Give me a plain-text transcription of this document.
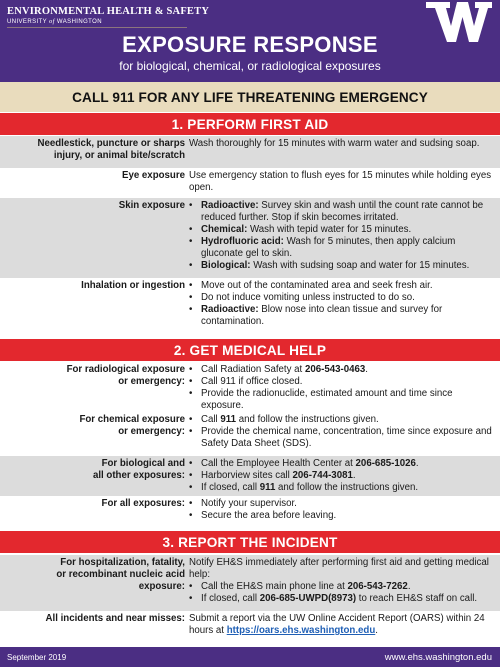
ENVIRONMENTAL HEALTH & SAFETY
UNIVERSITY of WASHINGTON
EXPOSURE RESPONSE
for biological, chemical, or radiological exposures
CALL 911 FOR ANY LIFE THREATENING EMERGENCY
1. PERFORM FIRST AID
Needlestick, puncture or sharps
injury, or animal bite/scratch

Wash thoroughly for 15 minutes with warm water and sudsing soap.

Eye exposure Use emergency station to flush eyes for 15 minutes while holding eyes open.

Skin exposure	• Radioactive: Survey skin and wash until the count rate cannot be reduced further. Stop if skin becomes irritated.
• Chemical: Wash with tepid water for 15 minutes.
• Hydrofluoric acid: Wash for 5 minutes, then apply calcium gluconate gel to skin.
• Biological: Wash with sudsing soap and water for 15 minutes.
Inhalation or ingestion	• Move out of the contaminated area and seek fresh air.
• Do not induce vomiting unless instructed to do so.
• Radioactive: Blow nose into clean tissue and survey for contamination.
2. GET MEDICAL HELP
For radiological exposure
or emergency:
• Call Radiation Safety at 206-543-0463.
• Call 911 if office closed.
• Provide the radionuclide, estimated amount and time since exposure.
For chemical exposure
or emergency:
• Call 911 and follow the instructions given.
• Provide the chemical name, concentration, time since exposure and Safety Data Sheet (SDS).
For biological and
all other exposures:
• Call the Employee Health Center at 206-685-1026.
• Harborview sites call 206-744-3081.
• If closed, call 911 and follow the instructions given.
For all exposures:	• Notify your supervisor.
• Secure the area before leaving.
3. REPORT THE INCIDENT
For hospitalization, fatality,
or recombinant nucleic acid
exposure:

Notify EH&S immediately after performing first aid and getting medical help:

• Call the EH&S main phone line at 206-543-7262.
• If closed, call 206-685-UWPD(8973) to reach EH&S staff on call.
All incidents and near misses: Submit a report via the UW Online Accident Report (OARS) within 24 hours at https://oars.ehs.washington.edu.

September 2019	www.ehs.washington.edu
